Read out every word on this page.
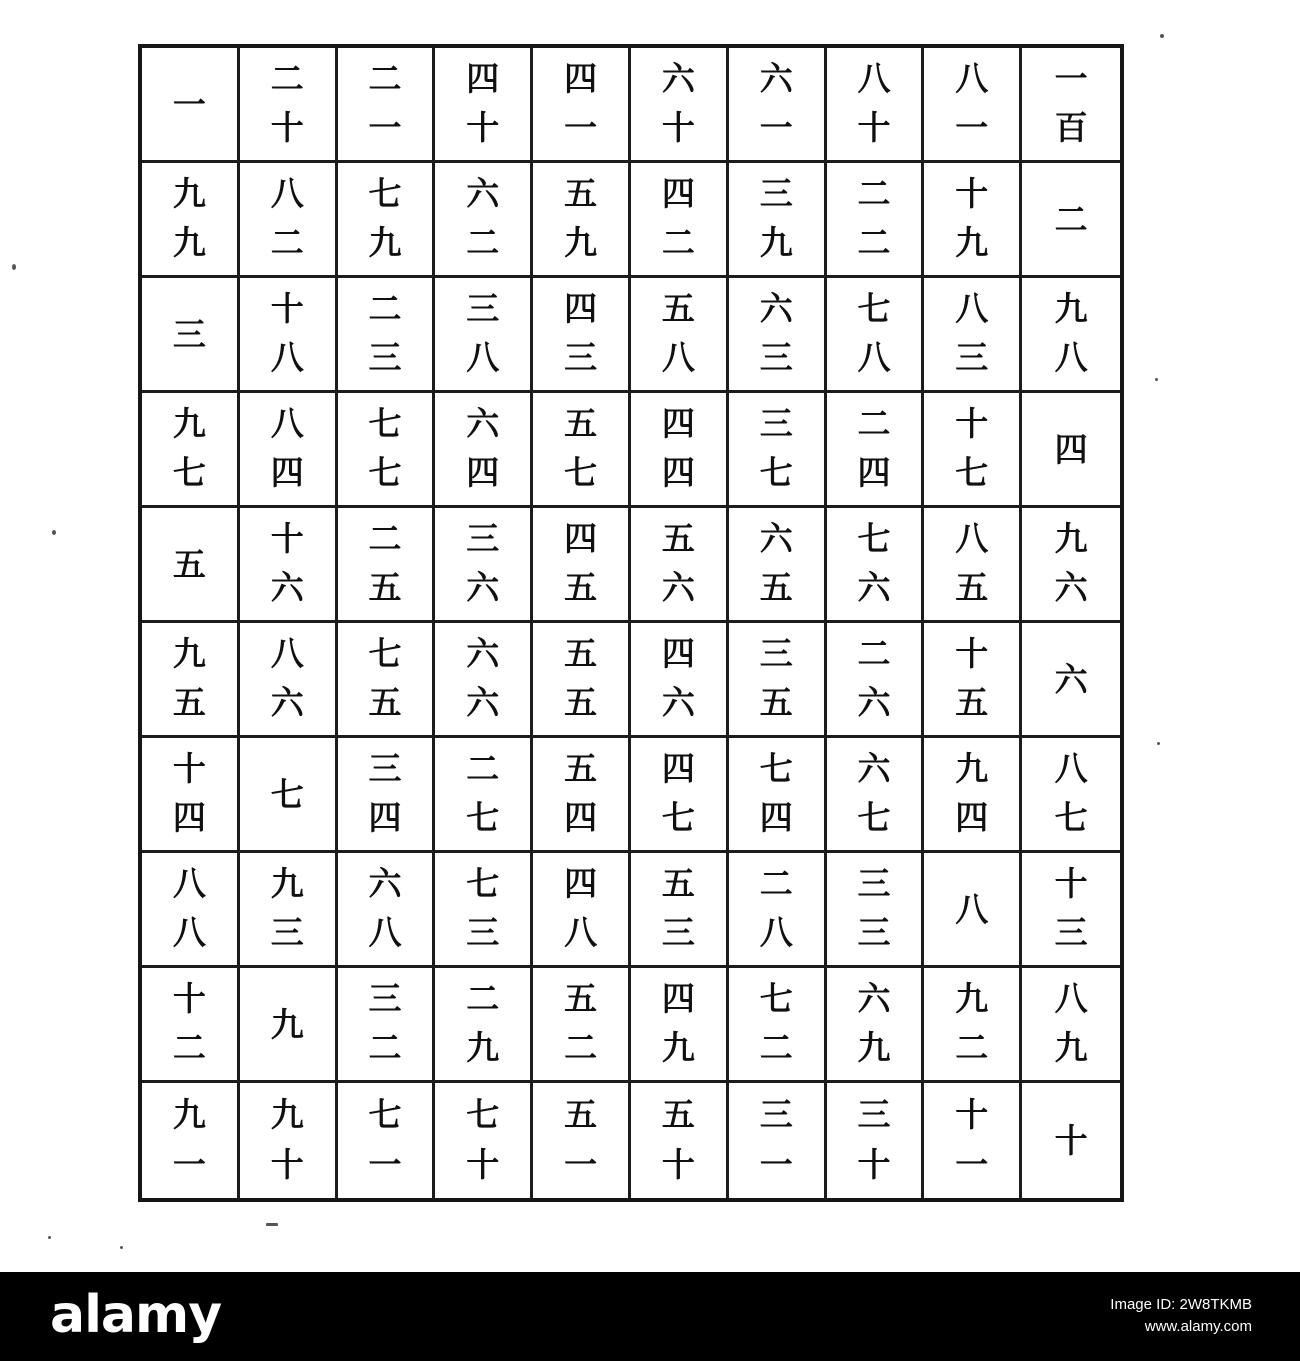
一
二
十
二
一
四
十
四
一
六
十
六
一
八
十
八
一
一
百
九
九
八
二
七
九
六
二
五
九
四
二
三
九
二
二
十
九
二
三
十
八
二
三
三
八
四
三
五
八
六
三
七
八
八
三
九
八
九
七
八
四
七
七
六
四
五
七
四
四
三
七
二
四
十
七
四
五
十
六
二
五
三
六
四
五
五
六
六
五
七
六
八
五
九
六
九
五
八
六
七
五
六
六
五
五
四
六
三
五
二
六
十
五
六
十
四
七
三
四
二
七
五
四
四
七
七
四
六
七
九
四
八
七
八
八
九
三
六
八
七
三
四
八
五
三
二
八
三
三
八
十
三
十
二
九
三
二
二
九
五
二
四
九
七
二
六
九
九
二
八
九
九
一
九
十
七
一
七
十
五
一
五
十
三
一
三
十
十
一
十
alamy	Image ID: 2W8TKMB
www.alamy.com
